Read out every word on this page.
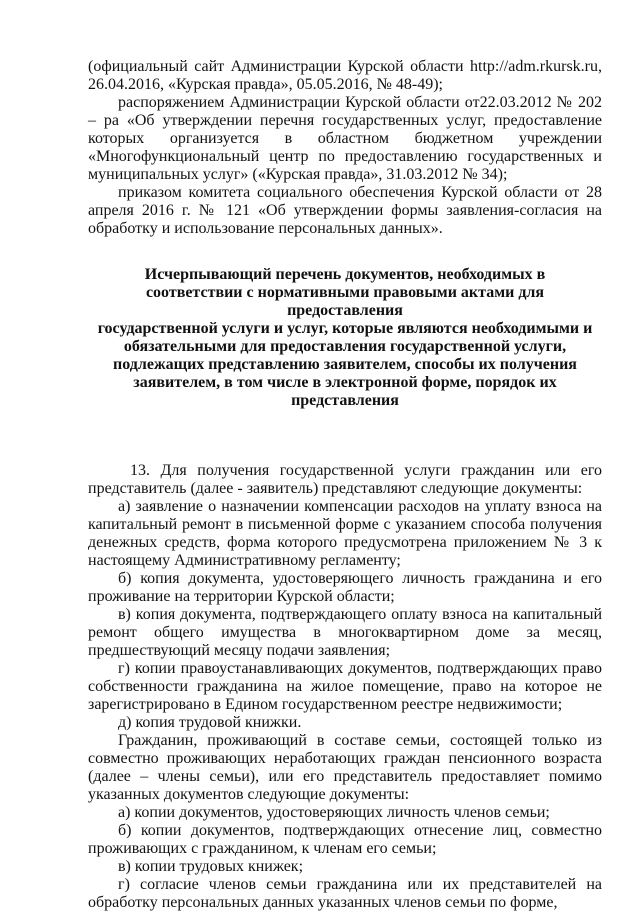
(официальный сайт Администрации Курской области http://adm.rkursk.ru, 26.04.2016, «Курская правда», 05.05.2016, № 48-49);

распоряжением Администрации Курской области от22.03.2012 № 202 – ра «Об утверждении перечня государственных услуг, предоставление которых организуется в областном бюджетном учреждении «Многофункциональный центр по предоставлению государственных и муниципальных услуг» («Курская правда», 31.03.2012 № 34);

приказом комитета социального обеспечения Курской области от 28 апреля 2016 г. № 121 «Об утверждении формы заявления-согласия на обработку и использование персональных данных».

Исчерпывающий перечень документов, необходимых в
соответствии с нормативными правовыми актами для предоставления
государственной услуги и услуг, которые являются необходимыми и
обязательными для предоставления государственной услуги,
подлежащих представлению заявителем, способы их получения
заявителем, в том числе в электронной форме, порядок их
представления

13. Для получения государственной услуги гражданин или его представитель (далее - заявитель) представляют следующие документы:

а) заявление о назначении компенсации расходов на уплату взноса на капитальный ремонт в письменной форме с указанием способа получения денежных средств, форма которого предусмотрена приложением № 3 к настоящему Административному регламенту;

б) копия документа, удостоверяющего личность гражданина и его проживание на территории Курской области;

в) копия документа, подтверждающего оплату взноса на капитальный ремонт общего имущества в многоквартирном доме за месяц, предшествующий месяцу подачи заявления;

г) копии правоустанавливающих документов, подтверждающих право собственности гражданина на жилое помещение, право на которое не зарегистрировано в Едином государственном реестре недвижимости;

д) копия трудовой книжки.

Гражданин, проживающий в составе семьи, состоящей только из совместно проживающих неработающих граждан пенсионного возраста (далее – члены семьи), или его представитель предоставляет помимо указанных документов следующие документы:

а) копии документов, удостоверяющих личность членов семьи;

б) копии документов, подтверждающих отнесение лиц, совместно проживающих с гражданином, к членам его семьи;

в) копии трудовых книжек;

г) согласие членов семьи гражданина или их представителей на обработку персональных данных указанных членов семьи по форме,
